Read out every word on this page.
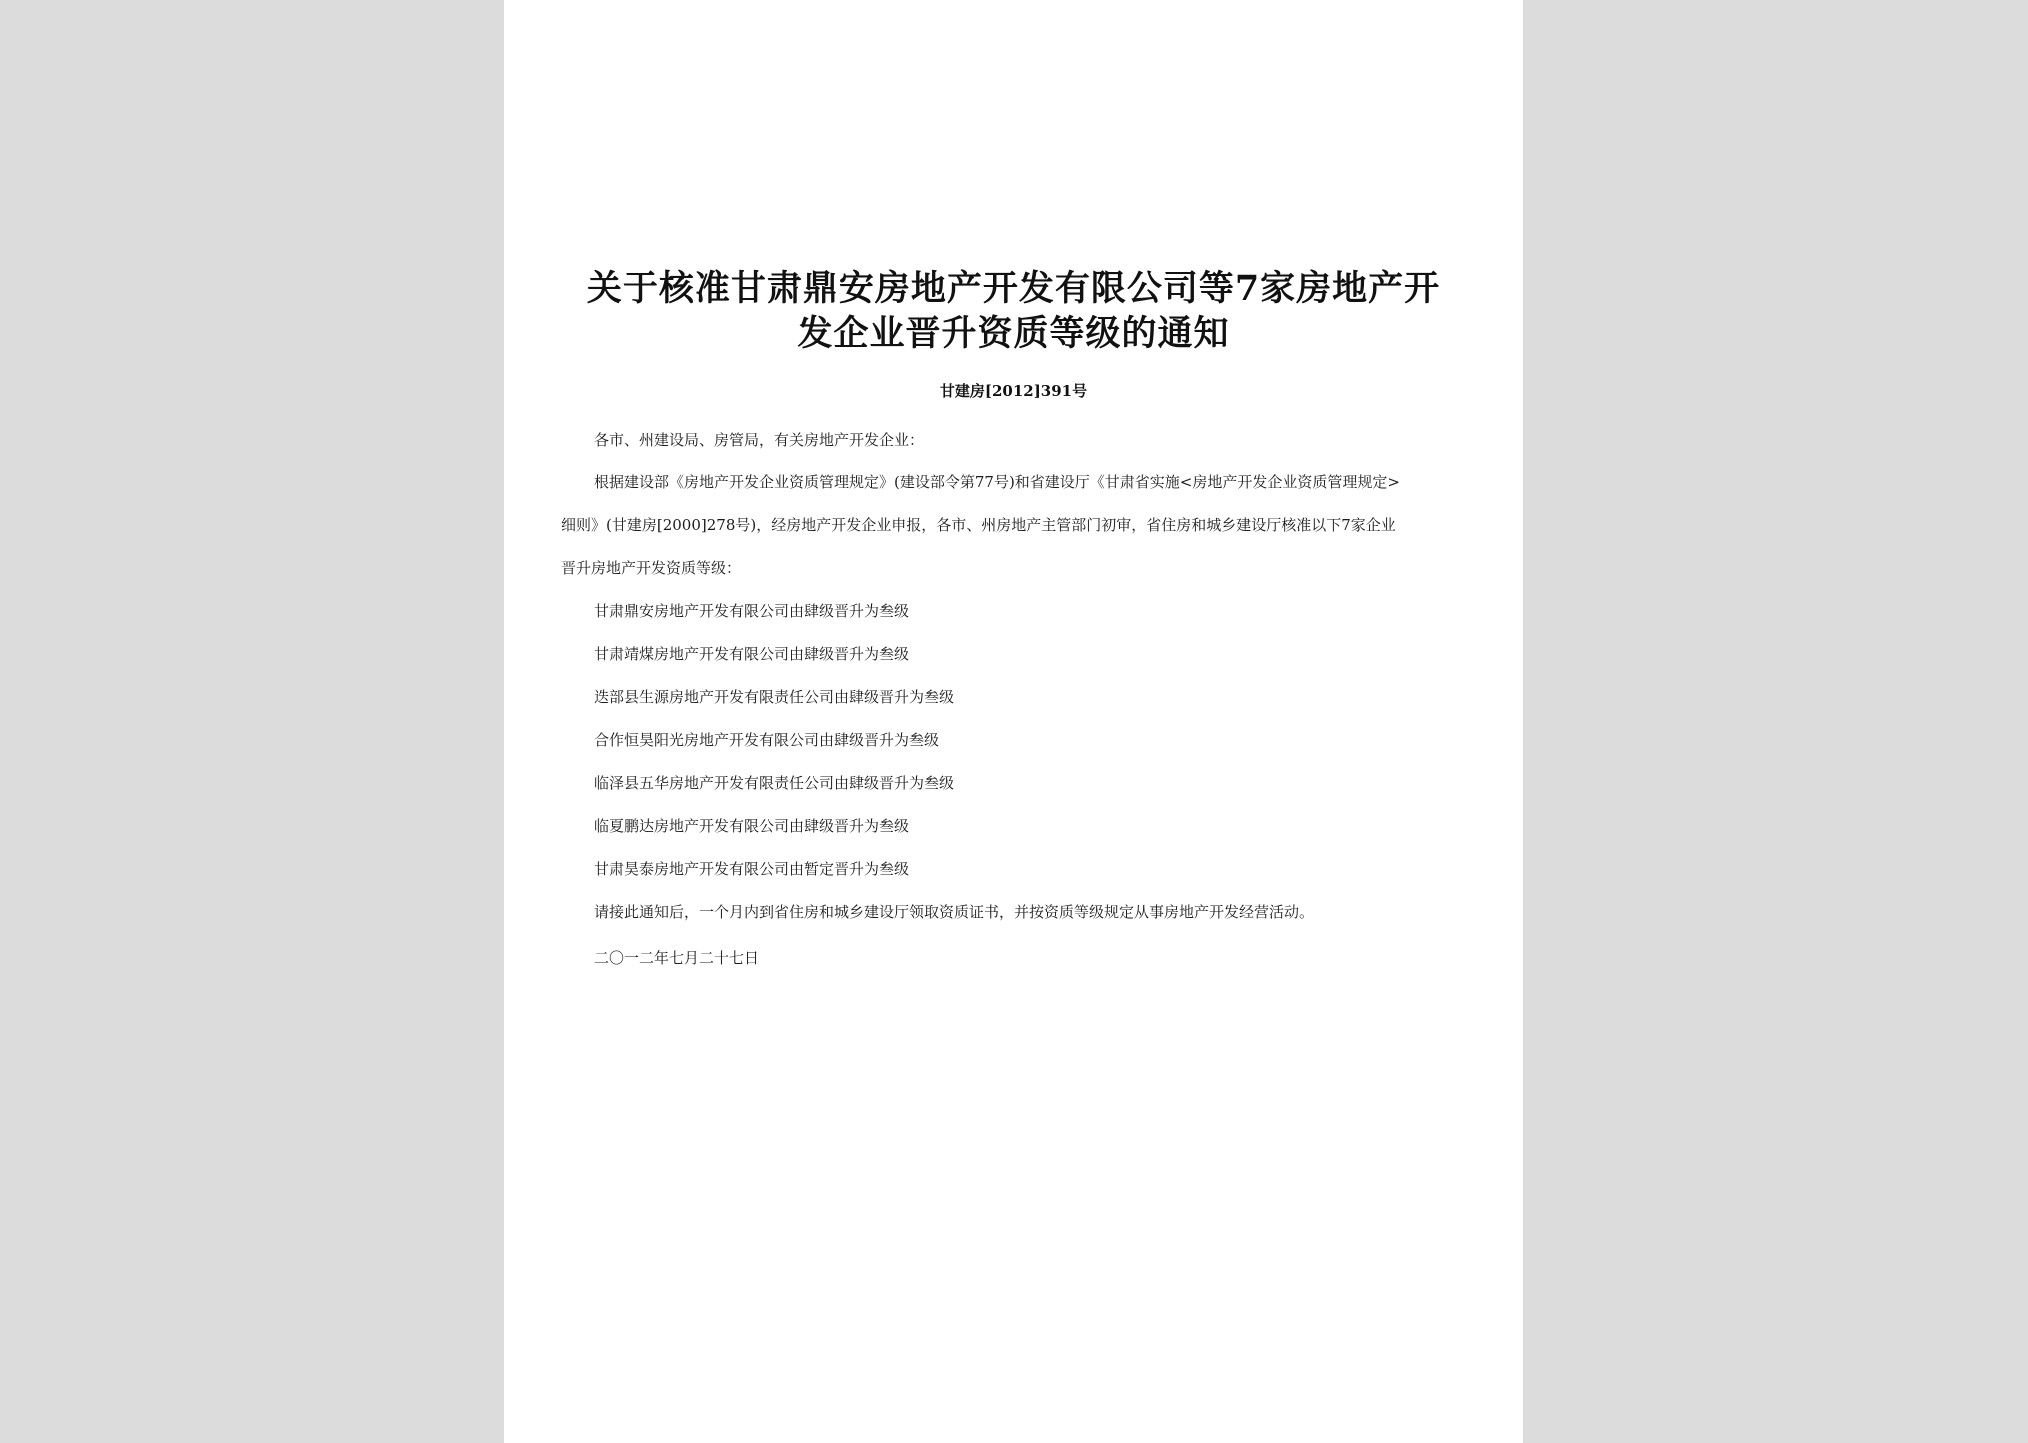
关于核准甘肃鼎安房地产开发有限公司等7家房地产开
发企业晋升资质等级的通知
甘建房[2012]391号
各市、州建设局、房管局，有关房地产开发企业：
根据建设部《房地产开发企业资质管理规定》(建设部令第77号)和省建设厅《甘肃省实施<房地产开发企业资质管理规定>
细则》(甘建房[2000]278号)，经房地产开发企业申报，各市、州房地产主管部门初审，省住房和城乡建设厅核准以下7家企业
晋升房地产开发资质等级：
甘肃鼎安房地产开发有限公司由肆级晋升为叁级
甘肃靖煤房地产开发有限公司由肆级晋升为叁级
迭部县生源房地产开发有限责任公司由肆级晋升为叁级
合作恒昊阳光房地产开发有限公司由肆级晋升为叁级
临泽县五华房地产开发有限责任公司由肆级晋升为叁级
临夏鹏达房地产开发有限公司由肆级晋升为叁级
甘肃昊泰房地产开发有限公司由暂定晋升为叁级
请接此通知后，一个月内到省住房和城乡建设厅领取资质证书，并按资质等级规定从事房地产开发经营活动。
二〇一二年七月二十七日
